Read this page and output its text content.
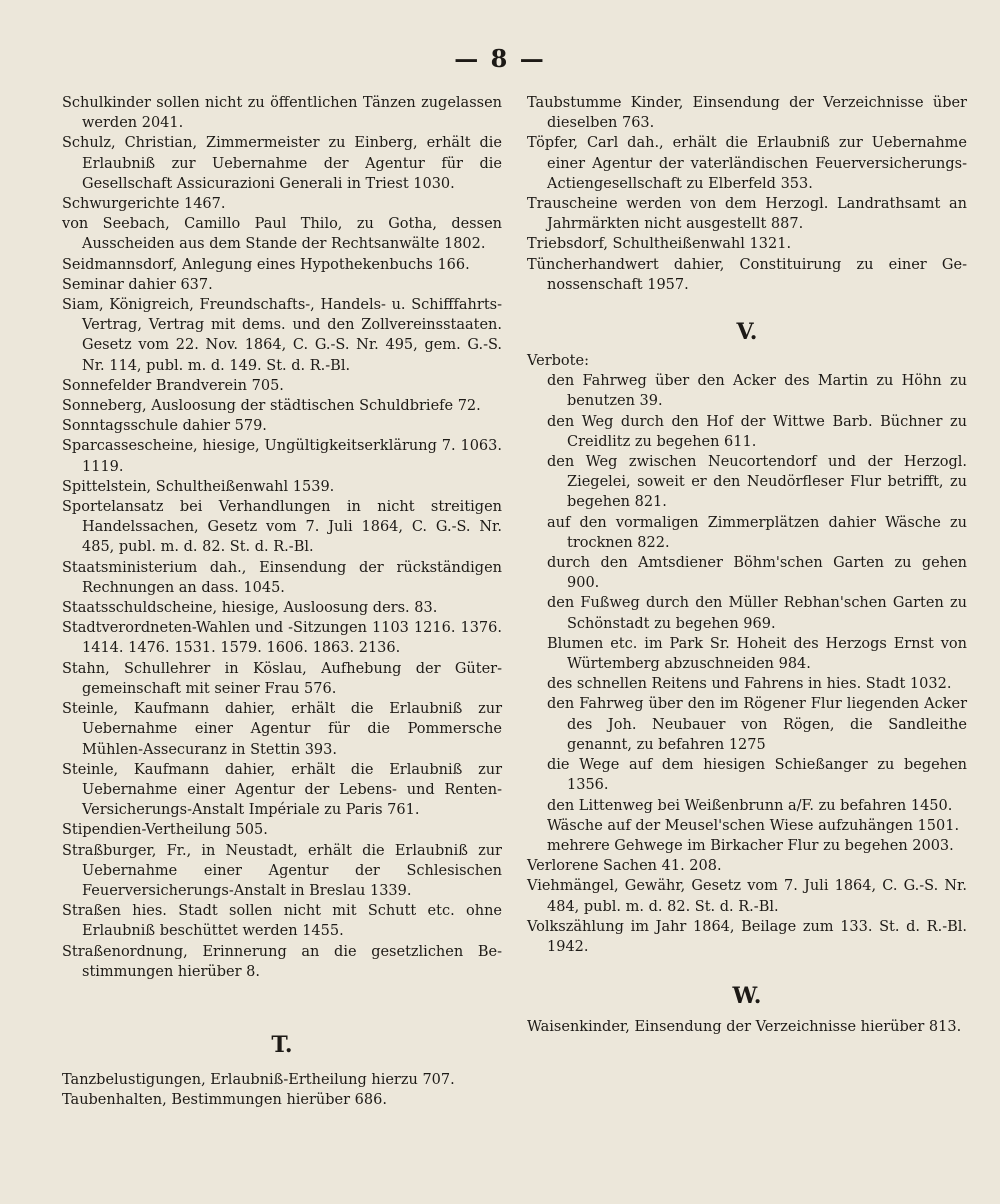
— 8 —

Schulkinder sollen nicht zu öffentlichen Tänzen zugelassen werden 2041.

Schulz, Christian, Zimmermeister zu Einberg, erhält die Erlaubniß zur Uebernahme der Agentur für die Gesellschaft Assicurazioni Generali in Triest 1030.

Schwurgerichte 1467.

von Seebach, Camillo Paul Thilo, zu Gotha, dessen Ausscheiden aus dem Stande der Rechtsanwälte 1802.

Seidmannsdorf, Anlegung eines Hypothekenbuchs 166.

Seminar dahier 637.

Siam, Königreich, Freundschafts-, Handels- u. Schifffahrts-Vertrag, Vertrag mit dems. und den Zollvereinsstaaten. Gesetz vom 22. Nov. 1864, C. G.-S. Nr. 495, gem. G.-S. Nr. 114, publ. m. d. 149. St. d. R.-Bl.

Sonnefelder Brandverein 705.

Sonneberg, Ausloosung der städtischen Schuldbriefe 72.

Sonntagsschule dahier 579.

Sparcassescheine, hiesige, Ungültigkeitserklärung 7. 1063. 1119.

Spittelstein, Schultheißenwahl 1539.

Sportelansatz bei Verhandlungen in nicht streitigen Handelssachen, Gesetz vom 7. Juli 1864, C. G.-S. Nr. 485, publ. m. d. 82. St. d. R.-Bl.

Staatsministerium dah., Einsendung der rückständigen Rechnungen an dass. 1045.

Staatsschuldscheine, hiesige, Ausloosung ders. 83.

Stadtverordneten-Wahlen und -Sitzungen 1103 1216. 1376. 1414. 1476. 1531. 1579. 1606. 1863. 2136.

Stahn, Schullehrer in Köslau, Aufhebung der Gütergemeinschaft mit seiner Frau 576.

Steinle, Kaufmann dahier, erhält die Erlaubniß zur Uebernahme einer Agentur für die Pommersche Mühlen-Assecuranz in Stettin 393.

Steinle, Kaufmann dahier, erhält die Erlaubniß zur Uebernahme einer Agentur der Lebens- und RentenVersicherungs-Anstalt Impériale zu Paris 761.

Stipendien-Vertheilung 505.

Straßburger, Fr., in Neustadt, erhält die Erlaubniß zur Uebernahme einer Agentur der Schlesischen Feuerversicherungs-Anstalt in Breslau 1339.

Straßen hies. Stadt sollen nicht mit Schutt etc. ohne Erlaubniß beschüttet werden 1455.

Straßenordnung, Erinnerung an die gesetzlichen Bestimmungen hierüber 8.

T.

Tanzbelustigungen, Erlaubniß-Ertheilung hierzu 707.

Taubenhalten, Bestimmungen hierüber 686.

Taubstumme Kinder, Einsendung der Verzeichnisse über dieselben 763.

Töpfer, Carl dah., erhält die Erlaubniß zur Uebernahme einer Agentur der vaterländischen Feuerversicherungs-Actiengesellschaft zu Elberfeld 353.

Trauscheine werden von dem Herzogl. Landrathsamt an Jahrmärkten nicht ausgestellt 887.

Triebsdorf, Schultheißenwahl 1321.

Tüncherhandwert dahier, Constituirung zu einer Genossenschaft 1957.

V.

Verbote:

den Fahrweg über den Acker des Martin zu Höhn zu benutzen 39.

den Weg durch den Hof der Wittwe Barb. Büchner zu Creidlitz zu begehen 611.

den Weg zwischen Neucortendorf und der Herzogl. Ziegelei, soweit er den Neudörfleser Flur betrifft, zu begehen 821.

auf den vormaligen Zimmerplätzen dahier Wäsche zu trocknen 822.

durch den Amtsdiener Böhm'schen Garten zu gehen 900.

den Fußweg durch den Müller Rebhan'schen Garten zu Schönstadt zu begehen 969.

Blumen etc. im Park Sr. Hoheit des Herzogs Ernst von Würtemberg abzuschneiden 984.

des schnellen Reitens und Fahrens in hies. Stadt 1032.

den Fahrweg über den im Rögener Flur liegenden Acker des Joh. Neubauer von Rögen, die Sandleithe genannt, zu befahren 1275

die Wege auf dem hiesigen Schießanger zu begehen 1356.

den Littenweg bei Weißenbrunn a/F. zu befahren 1450.

Wäsche auf der Meusel'schen Wiese aufzuhängen 1501.

mehrere Gehwege im Birkacher Flur zu begehen 2003.

Verlorene Sachen 41. 208.

Viehmängel, Gewähr, Gesetz vom 7. Juli 1864, C. G.-S. Nr. 484, publ. m. d. 82. St. d. R.-Bl.

Volkszählung im Jahr 1864, Beilage zum 133. St. d. R.-Bl. 1942.

W.

Waisenkinder, Einsendung der Verzeichnisse hierüber 813.
